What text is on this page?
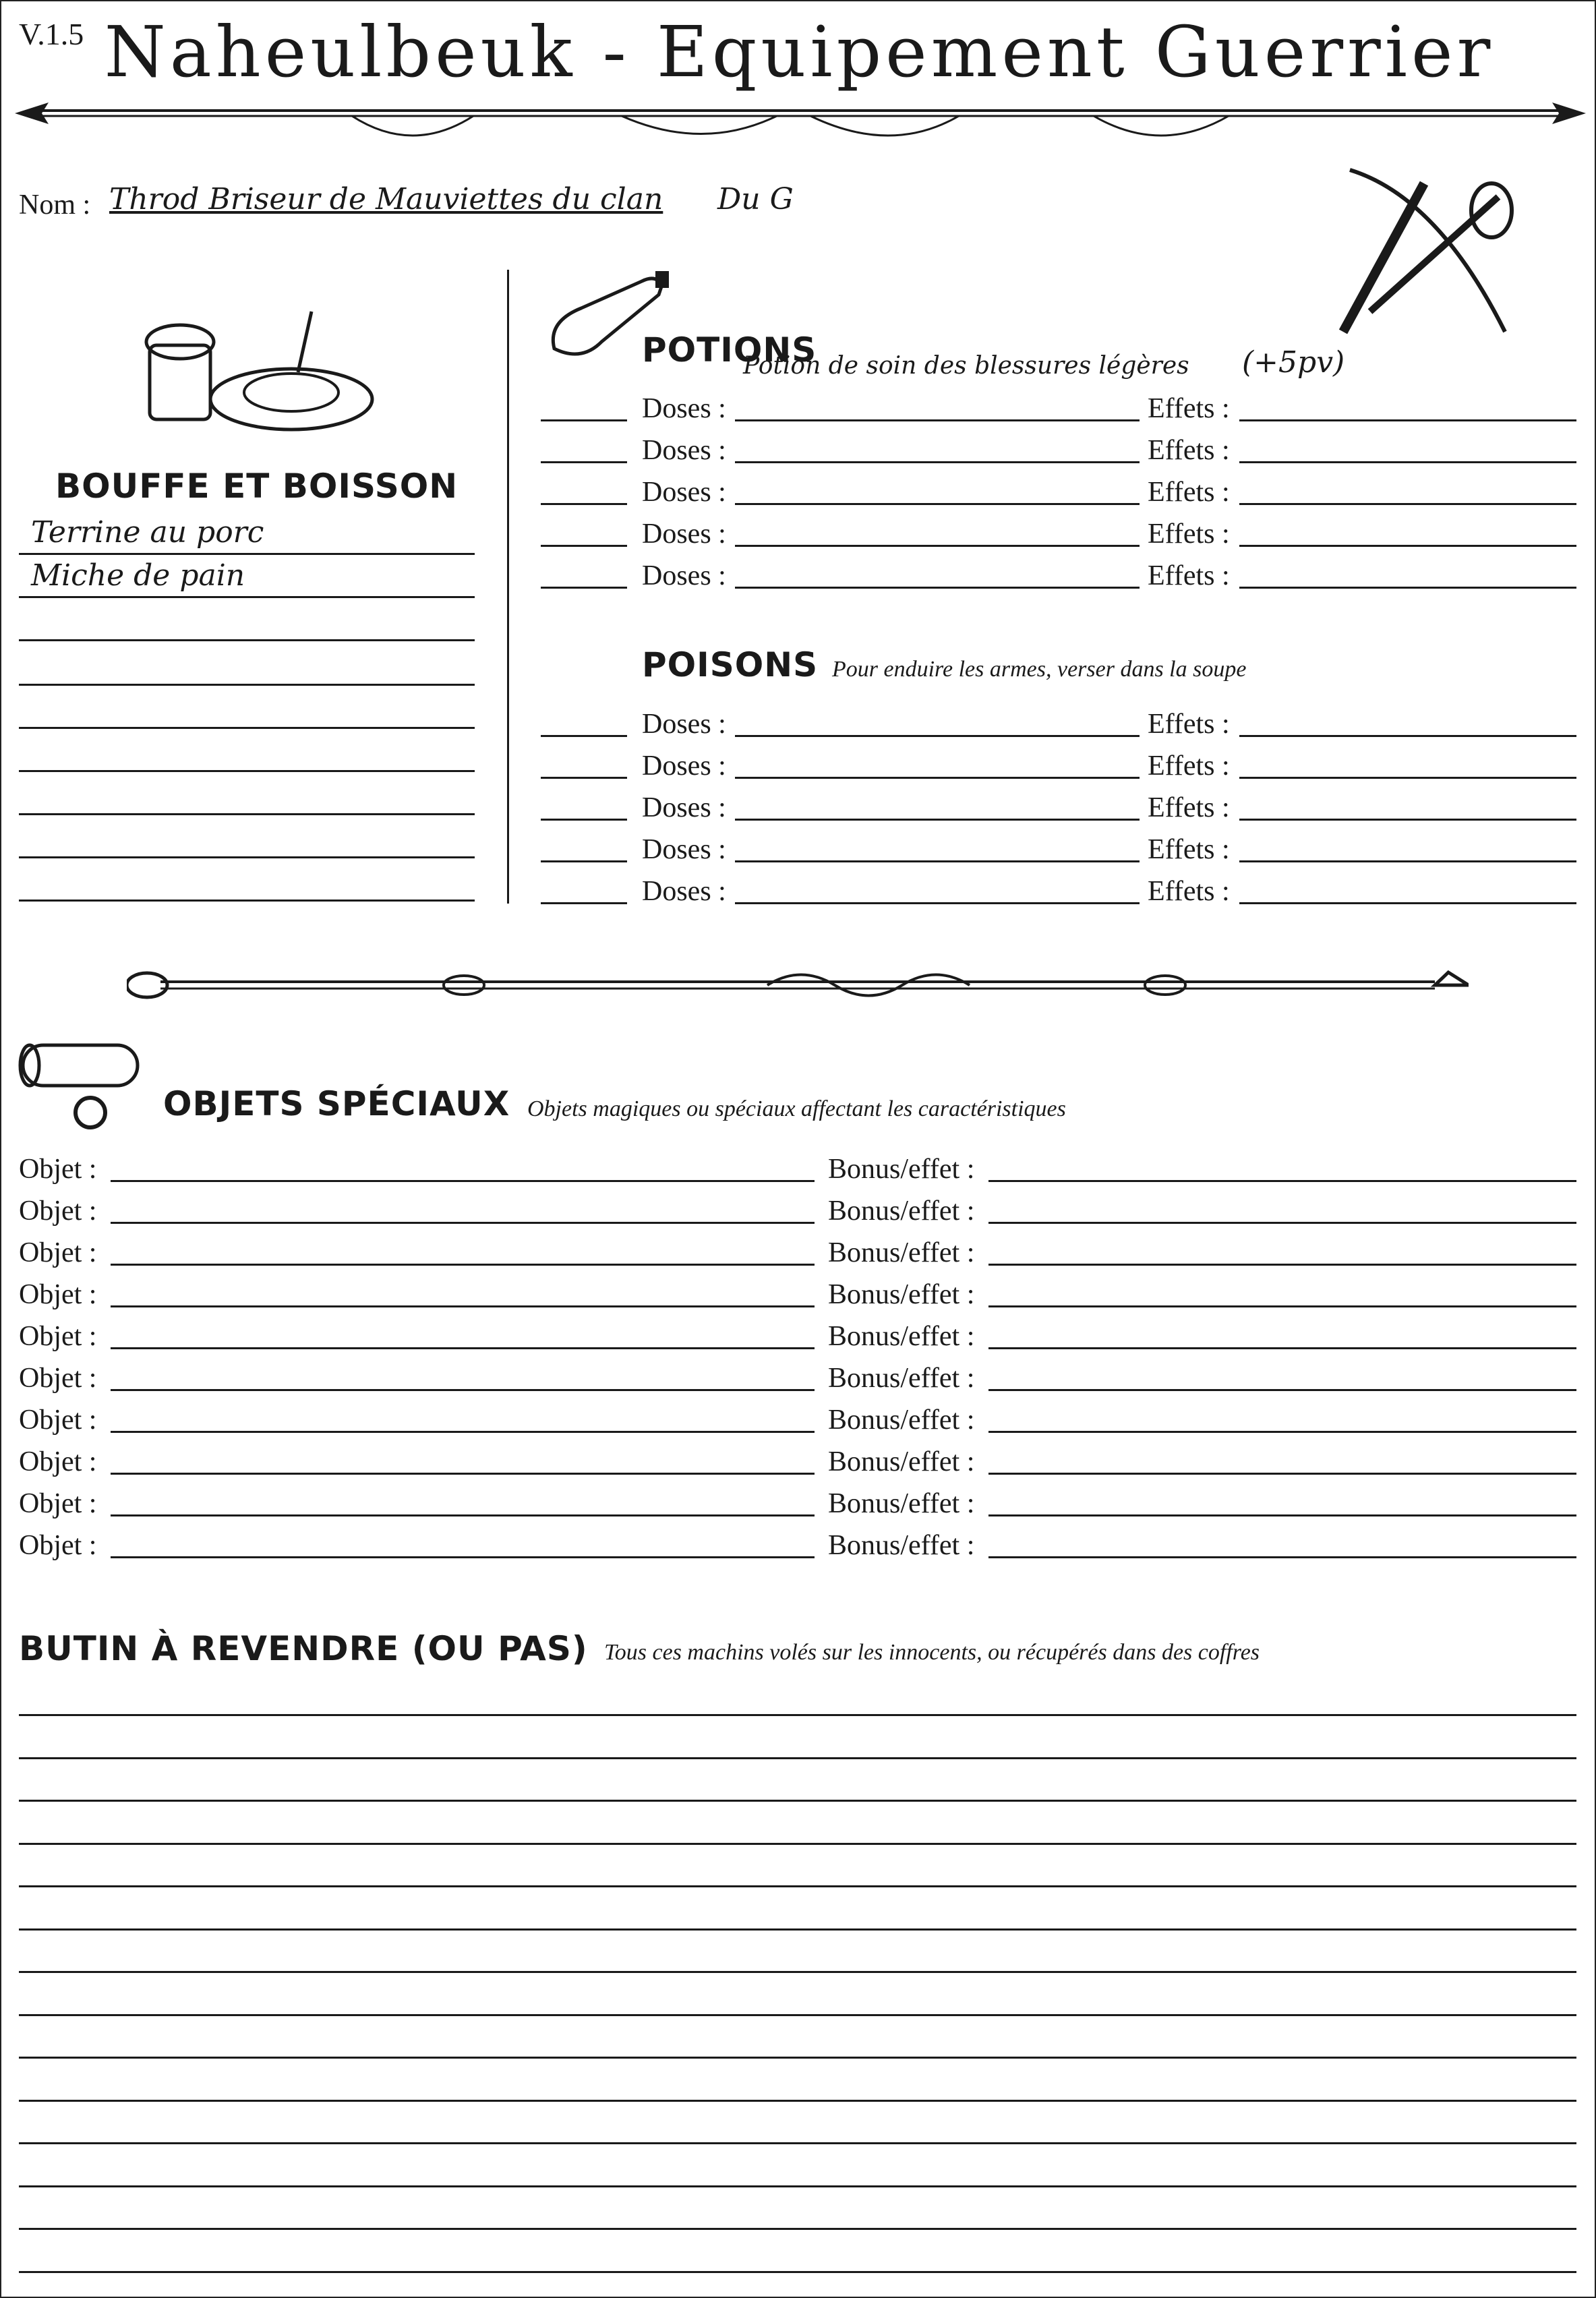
V.1.5 Naheulbeuk - Equipement Guerrier
Nom : Throd Briseur de Mauviettes du clan Du G
BOUFFE ET BOISSON
Terrine au porc
Miche de pain
POTIONS
Potion de soin des blessures légères (+5pv)
Doses :	Effets :
Doses :	Effets :
Doses :	Effets :
Doses :	Effets :
Doses :	Effets :
POISONS Pour enduire les armes, verser dans la soupe
Doses :	Effets :
Doses :	Effets :
Doses :	Effets :
Doses :	Effets :
Doses :	Effets :
OBJETS SPÉCIAUX Objets magiques ou spéciaux affectant les caractéristiques
Objet :	Bonus/effet :
Objet :	Bonus/effet :
Objet :	Bonus/effet :
Objet :	Bonus/effet :
Objet :	Bonus/effet :
Objet :	Bonus/effet :
Objet :	Bonus/effet :
Objet :	Bonus/effet :
Objet :	Bonus/effet :
Objet :	Bonus/effet :
BUTIN À REVENDRE (OU PAS) Tous ces machins volés sur les innocents, ou récupérés dans des coffres
